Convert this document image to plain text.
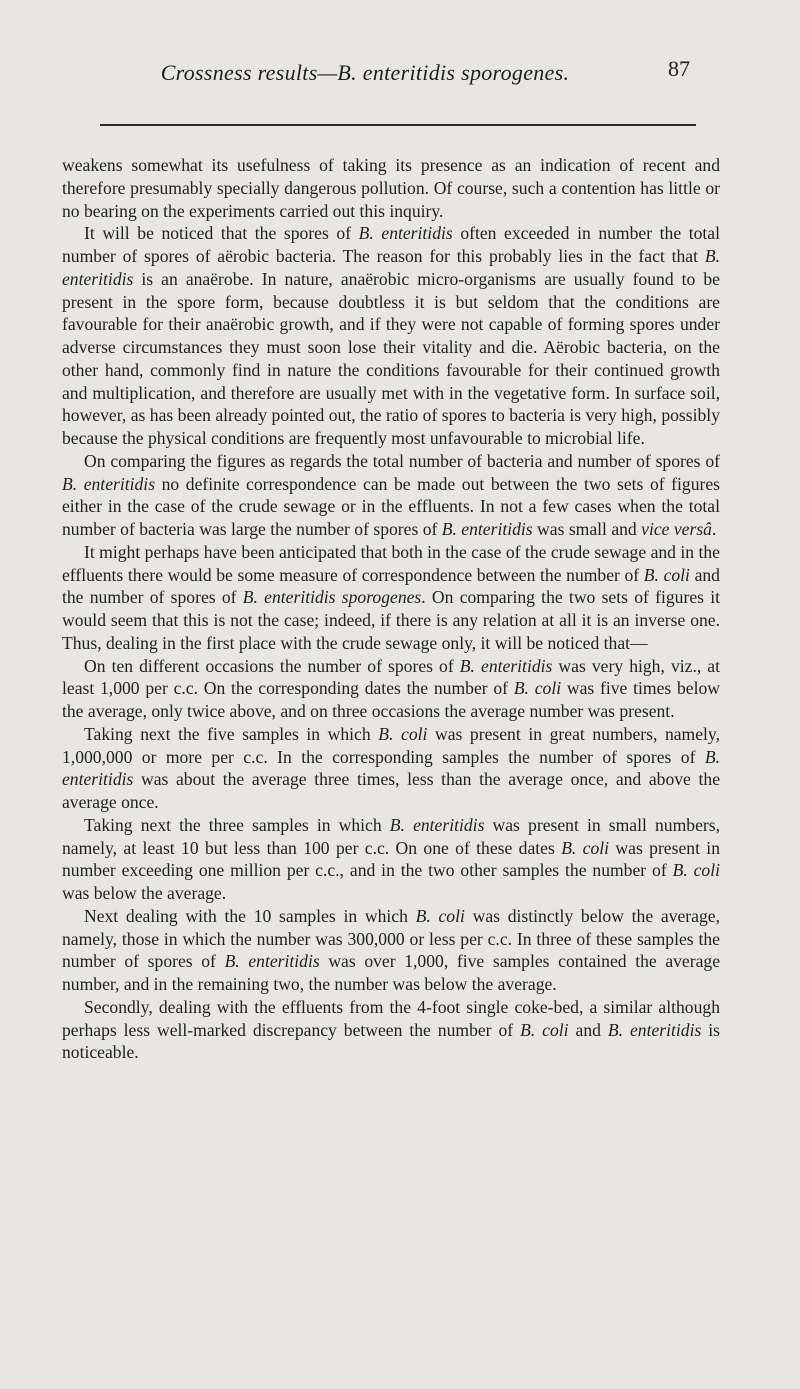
Crossness results—B. enteritidis sporogenes.	87

weakens somewhat its usefulness of taking its presence as an indication of recent and therefore presumably specially dangerous pollution. Of course, such a contention has little or no bearing on the experiments carried out this inquiry.

It will be noticed that the spores of B. enteritidis often exceeded in number the total number of spores of aërobic bacteria. The reason for this probably lies in the fact that B. enteritidis is an anaërobe. In nature, anaërobic micro-organisms are usually found to be present in the spore form, because doubtless it is but seldom that the conditions are favourable for their anaërobic growth, and if they were not capable of forming spores under adverse circumstances they must soon lose their vitality and die. Aërobic bacteria, on the other hand, commonly find in nature the conditions favourable for their continued growth and multiplication, and therefore are usually met with in the vegetative form. In surface soil, however, as has been already pointed out, the ratio of spores to bacteria is very high, possibly because the physical conditions are frequently most unfavourable to microbial life.

On comparing the figures as regards the total number of bacteria and number of spores of B. enteritidis no definite correspondence can be made out between the two sets of figures either in the case of the crude sewage or in the effluents. In not a few cases when the total number of bacteria was large the number of spores of B. enteritidis was small and vice versâ.

It might perhaps have been anticipated that both in the case of the crude sewage and in the effluents there would be some measure of correspondence between the number of B. coli and the number of spores of B. enteritidis sporogenes. On comparing the two sets of figures it would seem that this is not the case; indeed, if there is any relation at all it is an inverse one. Thus, dealing in the first place with the crude sewage only, it will be noticed that—

On ten different occasions the number of spores of B. enteritidis was very high, viz., at least 1,000 per c.c. On the corresponding dates the number of B. coli was five times below the average, only twice above, and on three occasions the average number was present.

Taking next the five samples in which B. coli was present in great numbers, namely, 1,000,000 or more per c.c. In the corresponding samples the number of spores of B. enteritidis was about the average three times, less than the average once, and above the average once.

Taking next the three samples in which B. enteritidis was present in small numbers, namely, at least 10 but less than 100 per c.c. On one of these dates B. coli was present in number exceeding one million per c.c., and in the two other samples the number of B. coli was below the average.

Next dealing with the 10 samples in which B. coli was distinctly below the average, namely, those in which the number was 300,000 or less per c.c. In three of these samples the number of spores of B. enteritidis was over 1,000, five samples contained the average number, and in the remaining two, the number was below the average.

Secondly, dealing with the effluents from the 4-foot single coke-bed, a similar although perhaps less well-marked discrepancy between the number of B. coli and B. enteritidis is noticeable.
